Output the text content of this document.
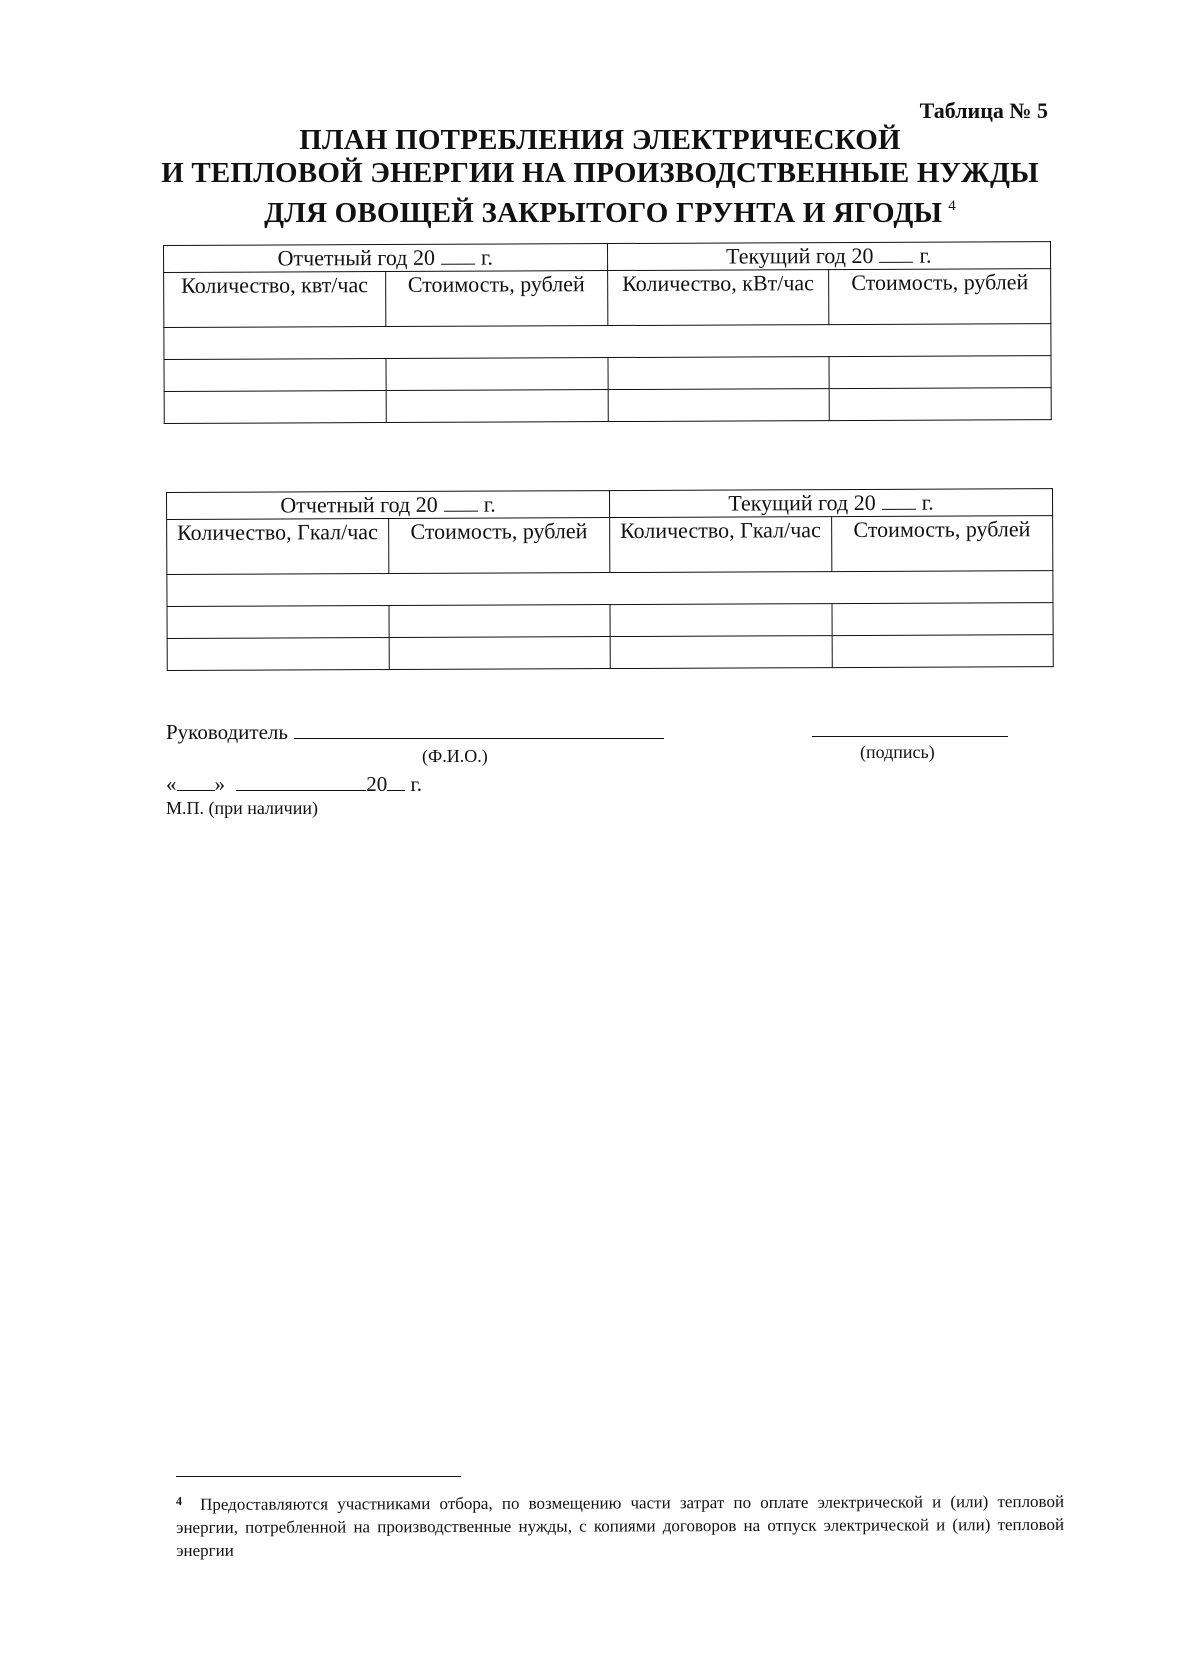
Таблица № 5
ПЛАН ПОТРЕБЛЕНИЯ ЭЛЕКТРИЧЕСКОЙ
И ТЕПЛОВОЙ ЭНЕРГИИ НА ПРОИЗВОДСТВЕННЫЕ НУЖДЫ
ДЛЯ ОВОЩЕЙ ЗАКРЫТОГО ГРУНТА И ЯГОДЫ $^4$
Отчетный год 20 г.		Текущий год 20 г.	
Количество, квт/час	Стоимость, рублей	Количество, кВт/час	Стоимость, рублей

Отчетный год 20 г.		Текущий год 20 г.	
Количество, Гкал/час	Стоимость, рублей	Количество, Гкал/час	Стоимость, рублей

Руководитель
(Ф.И.О.)	(подпись)
« »	20 г.
М.П. (при наличии)
$^4$ Предоставляются участниками отбора, по возмещению части затрат по оплате электрической и (или) тепловой энергии, потребленной на производственные нужды, с копиями договоров на отпуск электрической и (или) тепловой энергии
